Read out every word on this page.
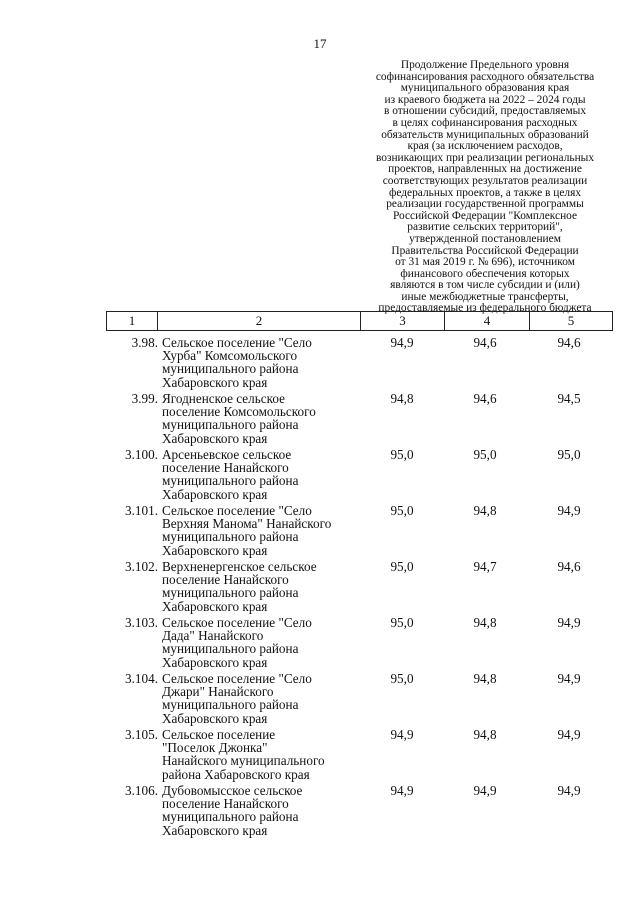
17
Продолжение Предельного уровня
софинансирования расходного обязательства
муниципального образования края
из краевого бюджета на 2022 – 2024 годы
в отношении субсидий, предоставляемых
в целях софинансирования расходных
обязательств муниципальных образований
края (за исключением расходов,
возникающих при реализации региональных
проектов, направленных на достижение
соответствующих результатов реализации
федеральных проектов, а также в целях
реализации государственной программы
Российской Федерации "Комплексное
развитие сельских территорий",
утвержденной постановлением
Правительства Российской Федерации
от 31 мая 2019 г. № 696), источником
финансового обеспечения которых
являются в том числе субсидии и (или)
иные межбюджетные трансферты,
предоставляемые из федерального бюджета
1	2	3	4	5
3.98. Сельское поселение "Село
Хурба" Комсомольского
муниципального района
Хабаровского края
94,9	94,6	94,6
3.99. Ягодненское сельское
поселение Комсомольского
муниципального района
Хабаровского края
94,8	94,6	94,5
3.100. Арсеньевское сельское
поселение Нанайского
муниципального района
Хабаровского края
95,0	95,0	95,0
3.101. Сельское поселение "Село
Верхняя Манома" Нанайского
муниципального района
Хабаровского края
95,0	94,8	94,9
3.102. Верхненергенское сельское
поселение Нанайского
муниципального района
Хабаровского края
95,0	94,7	94,6
3.103. Сельское поселение "Село
Дада" Нанайского
муниципального района
Хабаровского края
95,0	94,8	94,9
3.104. Сельское поселение "Село
Джари" Нанайского
муниципального района
Хабаровского края
95,0	94,8	94,9
3.105. Сельское поселение
"Поселок Джонка"
Нанайского муниципального
района Хабаровского края
94,9	94,8	94,9
3.106. Дубовомысское сельское
поселение Нанайского
муниципального района
Хабаровского края
94,9	94,9	94,9
